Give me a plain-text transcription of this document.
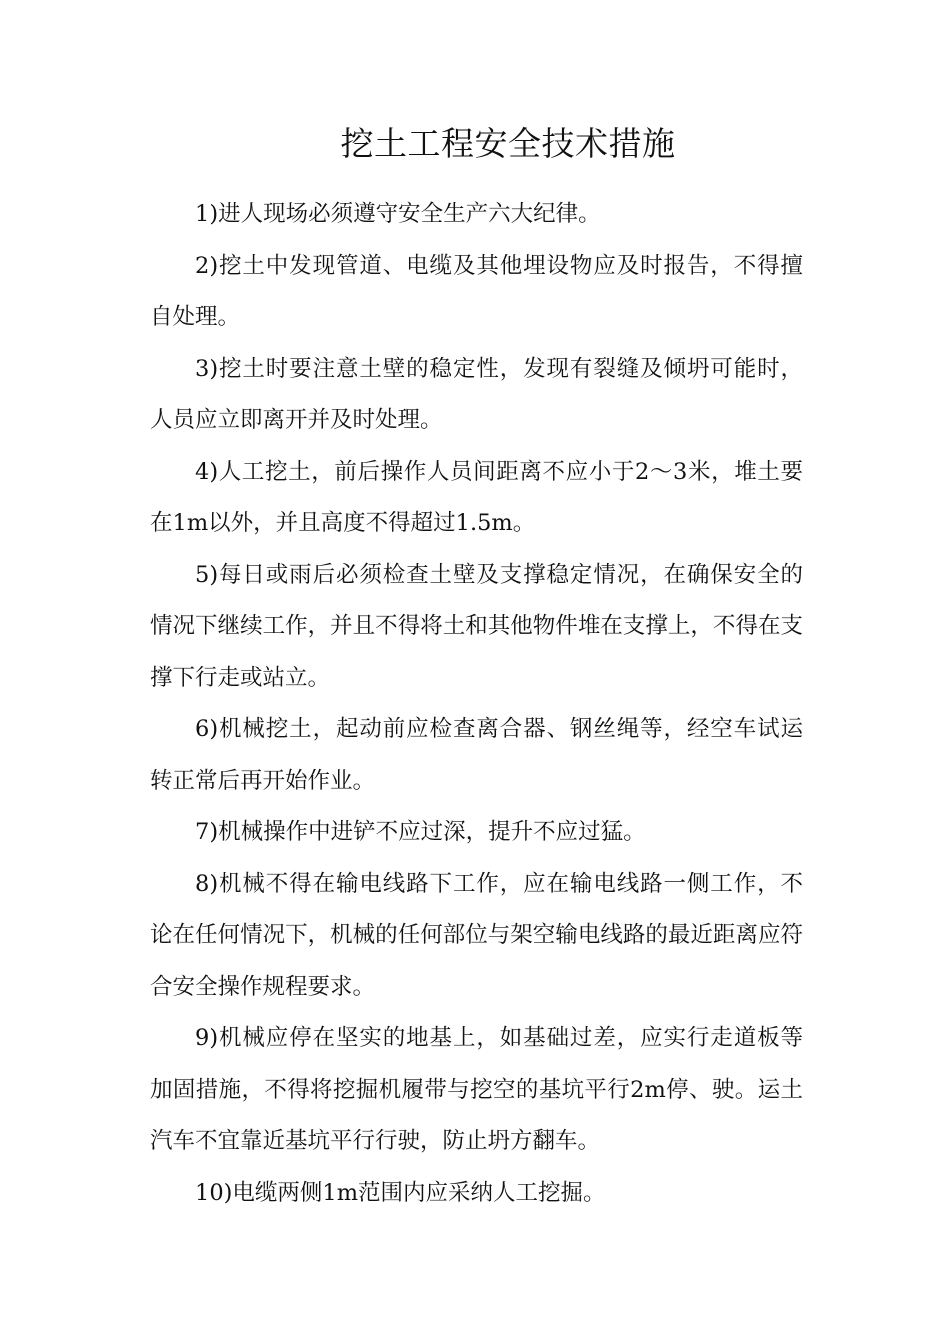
挖土工程安全技术措施

1)进人现场必须遵守安全生产六大纪律。

2)挖土中发现管道、电缆及其他埋设物应及时报告，不得擅自处理。

3)挖土时要注意土壁的稳定性，发现有裂缝及倾坍可能时，人员应立即离开并及时处理。

4)人工挖土，前后操作人员间距离不应小于2～3米，堆土要在1m以外，并且高度不得超过1.5m。

5)每日或雨后必须检查土壁及支撑稳定情况，在确保安全的情况下继续工作，并且不得将土和其他物件堆在支撑上，不得在支撑下行走或站立。

6)机械挖土，起动前应检查离合器、钢丝绳等，经空车试运转正常后再开始作业。

7)机械操作中进铲不应过深，提升不应过猛。

8)机械不得在输电线路下工作，应在输电线路一侧工作，不论在任何情况下，机械的任何部位与架空输电线路的最近距离应符合安全操作规程要求。

9)机械应停在坚实的地基上，如基础过差，应实行走道板等加固措施，不得将挖掘机履带与挖空的基坑平行2m停、驶。运土汽车不宜靠近基坑平行行驶，防止坍方翻车。

10)电缆两侧1m范围内应采纳人工挖掘。
